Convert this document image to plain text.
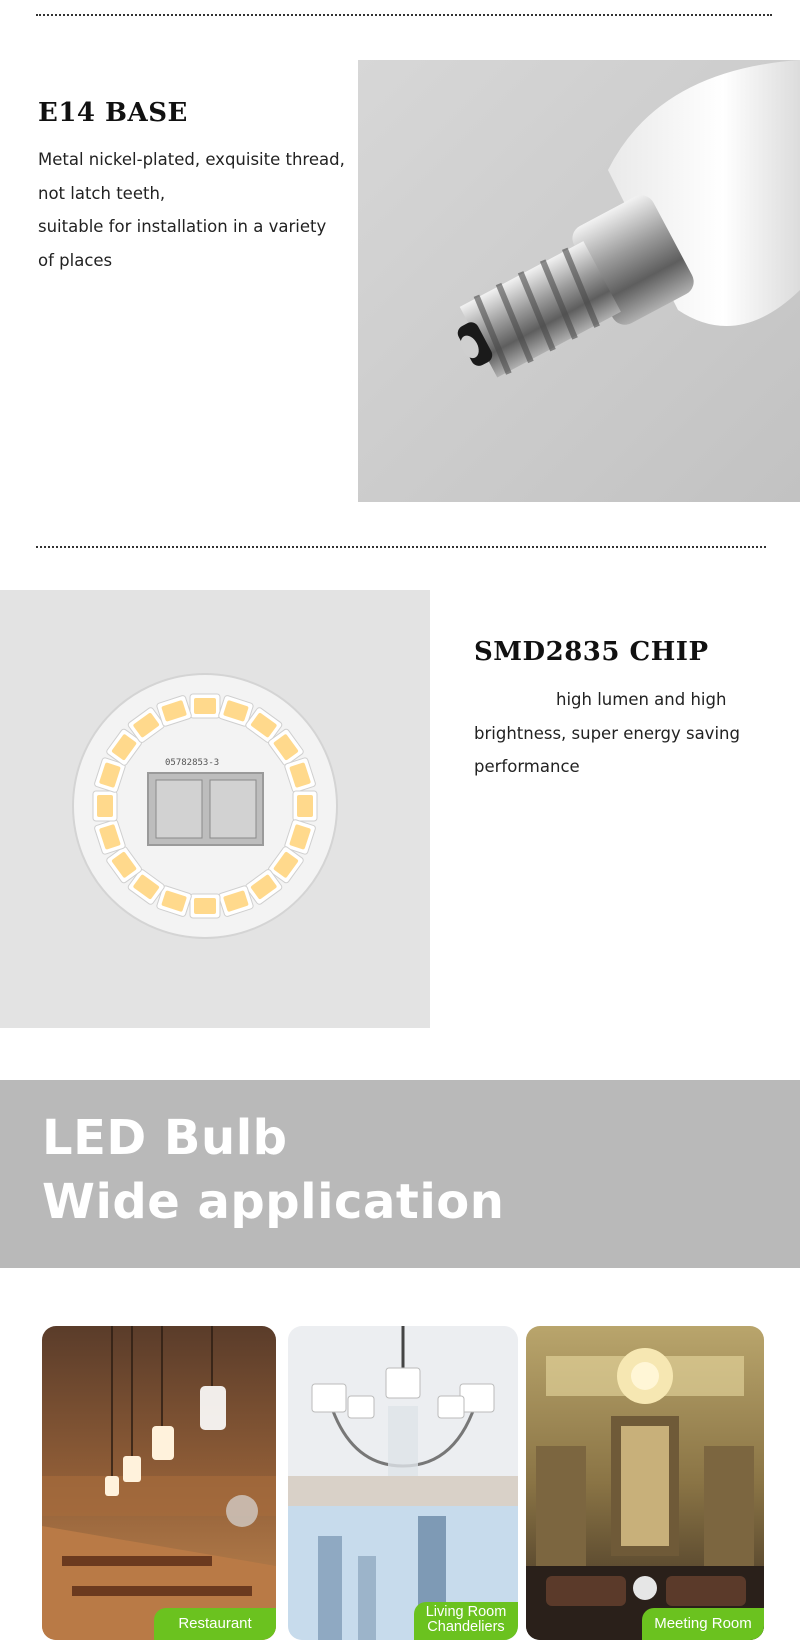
E14 BASE
Metal nickel-plated, exquisite thread,
not latch teeth,
suitable for installation in a variety
of places
05782853-3
SMD2835 CHIP
high lumen and high
brightness, super energy saving
performance
LED Bulb
Wide application
Restaurant
Living Room
Chandeliers	Meeting Room
